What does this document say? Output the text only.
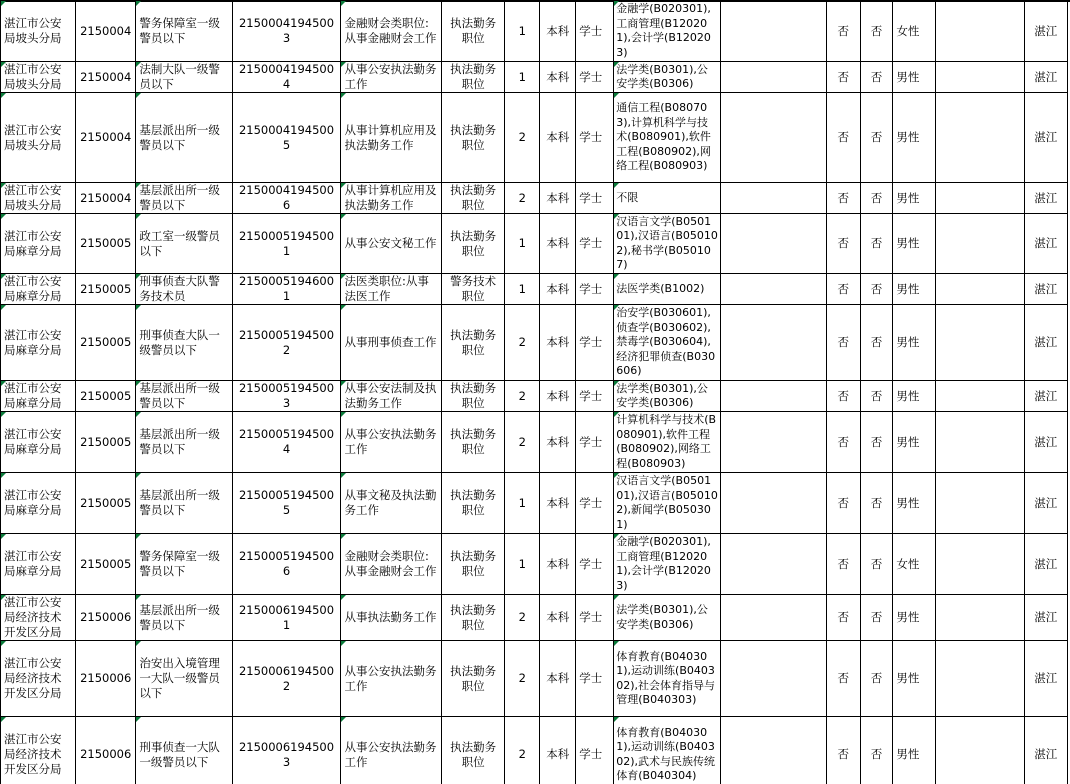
湛江市公安局坡头分局	2150004	警务保障室一级警员以下	21500041945003	金融财会类职位:从事金融财会工作	执法勤务职位	1	本科	学士	金融学(B020301),工商管理(B120201),会计学(B120203)		否	否	女性		湛江
湛江市公安局坡头分局	2150004	法制大队一级警员以下	21500041945004	从事公安执法勤务工作	执法勤务职位	1	本科	学士	法学类(B0301),公安学类(B0306)		否	否	男性		湛江
湛江市公安局坡头分局	2150004	基层派出所一级警员以下	21500041945005	从事计算机应用及执法勤务工作	执法勤务职位	2	本科	学士	通信工程(B080703),计算机科学与技术(B080901),软件工程(B080902),网络工程(B080903)		否	否	男性		湛江
湛江市公安局坡头分局	2150004	基层派出所一级警员以下	21500041945006	从事计算机应用及执法勤务工作	执法勤务职位	2	本科	学士	不限		否	否	男性		湛江
湛江市公安局麻章分局	2150005	政工室一级警员以下	21500051945001	从事公安文秘工作	执法勤务职位	1	本科	学士	汉语言文学(B050101),汉语言(B050102),秘书学(B050107)		否	否	男性		湛江
湛江市公安局麻章分局	2150005	刑事侦查大队警务技术员	21500051946001	法医类职位:从事法医工作	警务技术职位	1	本科	学士	法医学类(B1002)		否	否	男性		湛江
湛江市公安局麻章分局	2150005	刑事侦查大队一级警员以下	21500051945002	从事刑事侦查工作	执法勤务职位	2	本科	学士	治安学(B030601),侦查学(B030602),禁毒学(B030604),经济犯罪侦查(B030606)		否	否	男性		湛江
湛江市公安局麻章分局	2150005	基层派出所一级警员以下	21500051945003	从事公安法制及执法勤务工作	执法勤务职位	2	本科	学士	法学类(B0301),公安学类(B0306)		否	否	男性		湛江
湛江市公安局麻章分局	2150005	基层派出所一级警员以下	21500051945004	从事公安执法勤务工作	执法勤务职位	2	本科	学士	计算机科学与技术(B080901),软件工程(B080902),网络工程(B080903)		否	否	男性		湛江
湛江市公安局麻章分局	2150005	基层派出所一级警员以下	21500051945005	从事文秘及执法勤务工作	执法勤务职位	1	本科	学士	汉语言文学(B050101),汉语言(B050102),新闻学(B050301)		否	否	男性		湛江
湛江市公安局麻章分局	2150005	警务保障室一级警员以下	21500051945006	金融财会类职位:从事金融财会工作	执法勤务职位	1	本科	学士	金融学(B020301),工商管理(B120201),会计学(B120203)		否	否	女性		湛江
湛江市公安局经济技术开发区分局	2150006	基层派出所一级警员以下	21500061945001	从事执法勤务工作	执法勤务职位	2	本科	学士	法学类(B0301),公安学类(B0306)		否	否	男性		湛江
湛江市公安局经济技术开发区分局	2150006	治安出入境管理一大队一级警员以下	21500061945002	从事公安执法勤务工作	执法勤务职位	2	本科	学士	体育教育(B040301),运动训练(B040302),社会体育指导与管理(B040303)		否	否	男性		湛江
湛江市公安局经济技术开发区分局	2150006	刑事侦查一大队一级警员以下	21500061945003	从事公安执法勤务工作	执法勤务职位	2	本科	学士	体育教育(B040301),运动训练(B040302),武术与民族传统体育(B040304)		否	否	男性		湛江
